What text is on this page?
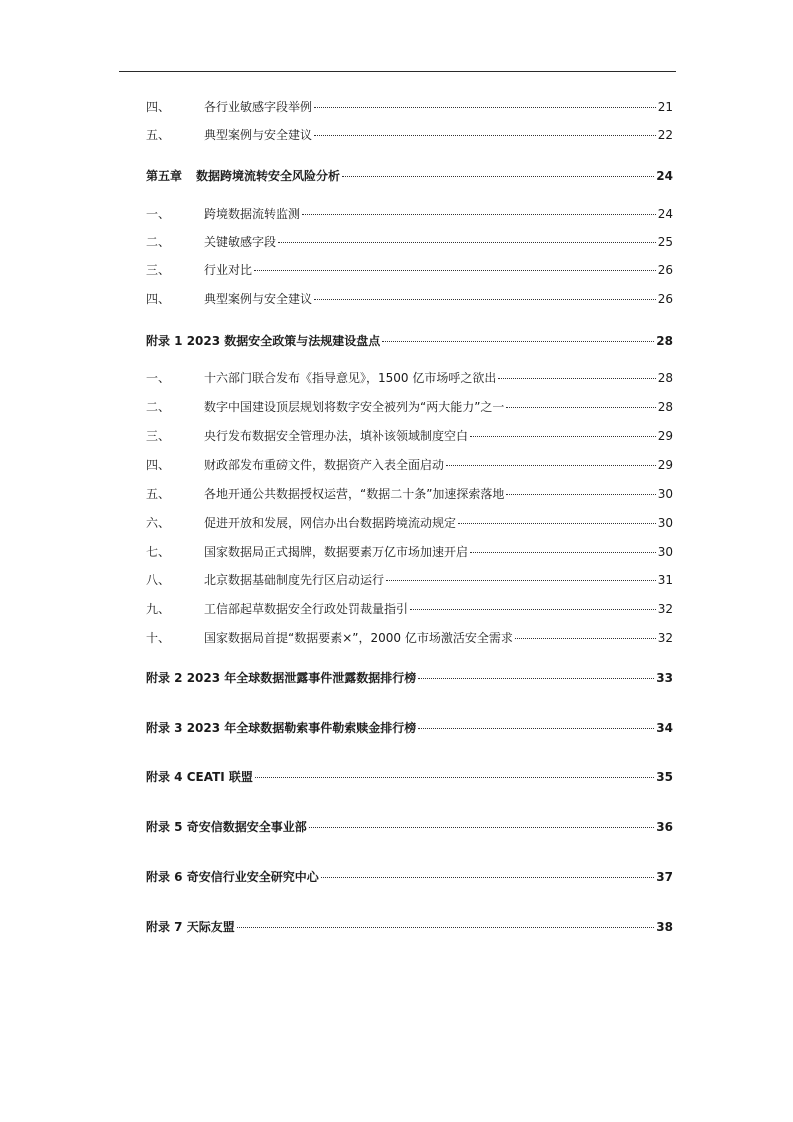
四、	各行业敏感字段举例	21
五、	典型案例与安全建议	22
第五章 数据跨境流转安全风险分析	24
一、	跨境数据流转监测	24
二、	关键敏感字段	25
三、	行业对比	26
四、	典型案例与安全建议	26
附录 1 2023 数据安全政策与法规建设盘点	28
一、	十六部门联合发布《指导意见》，1500 亿市场呼之欲出	28
二、	数字中国建设顶层规划将数字安全被列为“两大能力”之一	28
三、	央行发布数据安全管理办法，填补该领域制度空白	29
四、	财政部发布重磅文件，数据资产入表全面启动	29
五、	各地开通公共数据授权运营，“数据二十条”加速探索落地	30
六、	促进开放和发展，网信办出台数据跨境流动规定	30
七、	国家数据局正式揭牌，数据要素万亿市场加速开启	30
八、	北京数据基础制度先行区启动运行	31
九、	工信部起草数据安全行政处罚裁量指引	32
十、	国家数据局首提“数据要素×”，2000 亿市场激活安全需求	32
附录 2 2023 年全球数据泄露事件泄露数据排行榜	33
附录 3 2023 年全球数据勒索事件勒索赎金排行榜	34
附录 4 CEATI 联盟	35
附录 5 奇安信数据安全事业部	36
附录 6 奇安信行业安全研究中心	37
附录 7 天际友盟	38
